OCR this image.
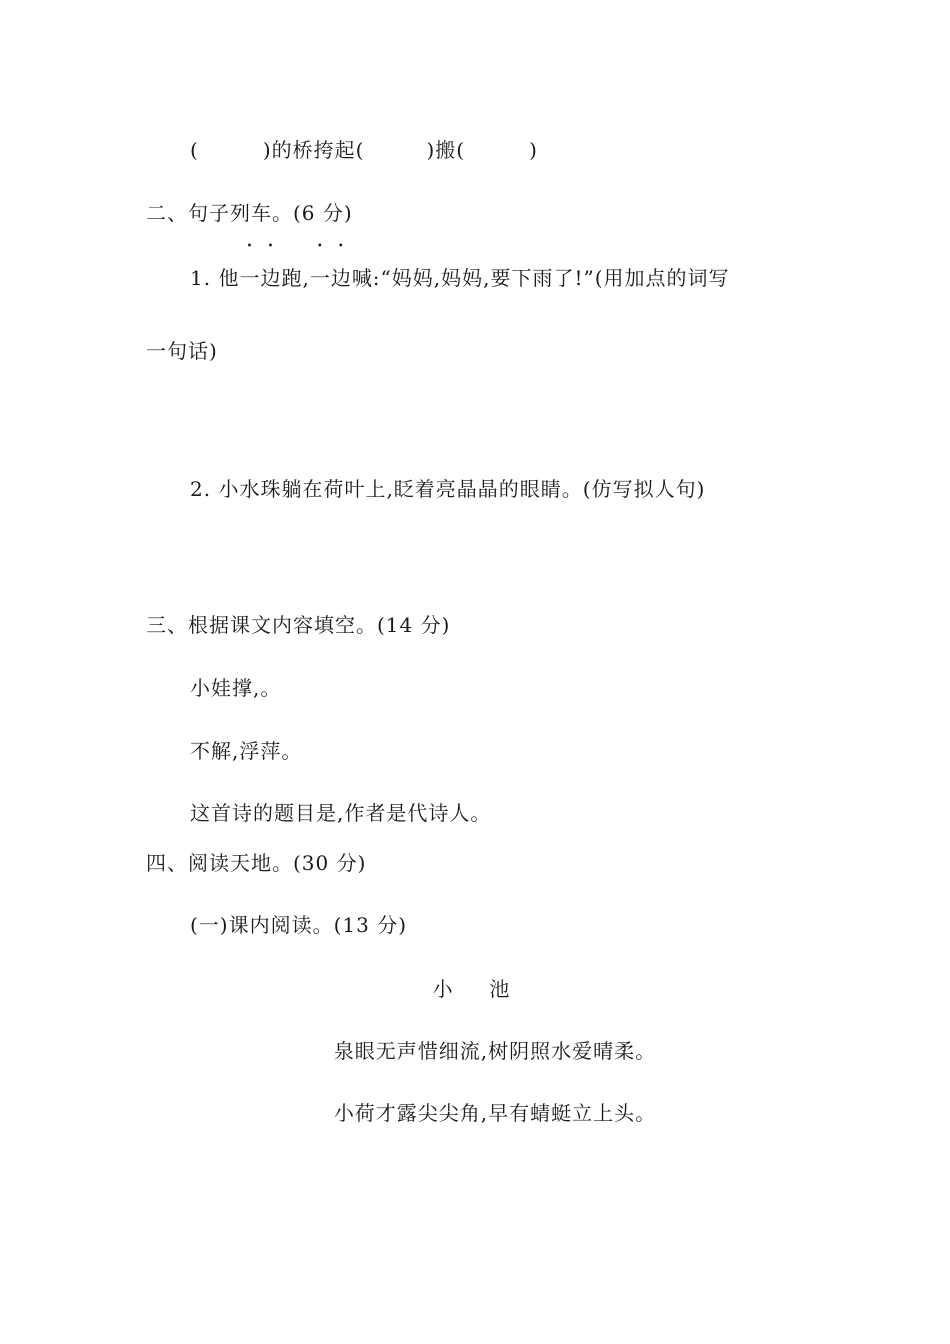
(	)的桥挎起(	)搬(	)
二、句子列车。(6 分)
1. 他一边跑,一边喊:“妈妈,妈妈,要下雨了!”(用加点的词写
一句话)
2. 小水珠躺在荷叶上,眨着亮晶晶的眼睛。(仿写拟人句)
三、根据课文内容填空。(14 分)
小娃撑,。
不解,浮萍。
这首诗的题目是,作者是代诗人。
四、阅读天地。(30 分)
(一)课内阅读。(13 分)
小  池
泉眼无声惜细流,树阴照水爱晴柔。
小荷才露尖尖角,早有蜻蜓立上头。
